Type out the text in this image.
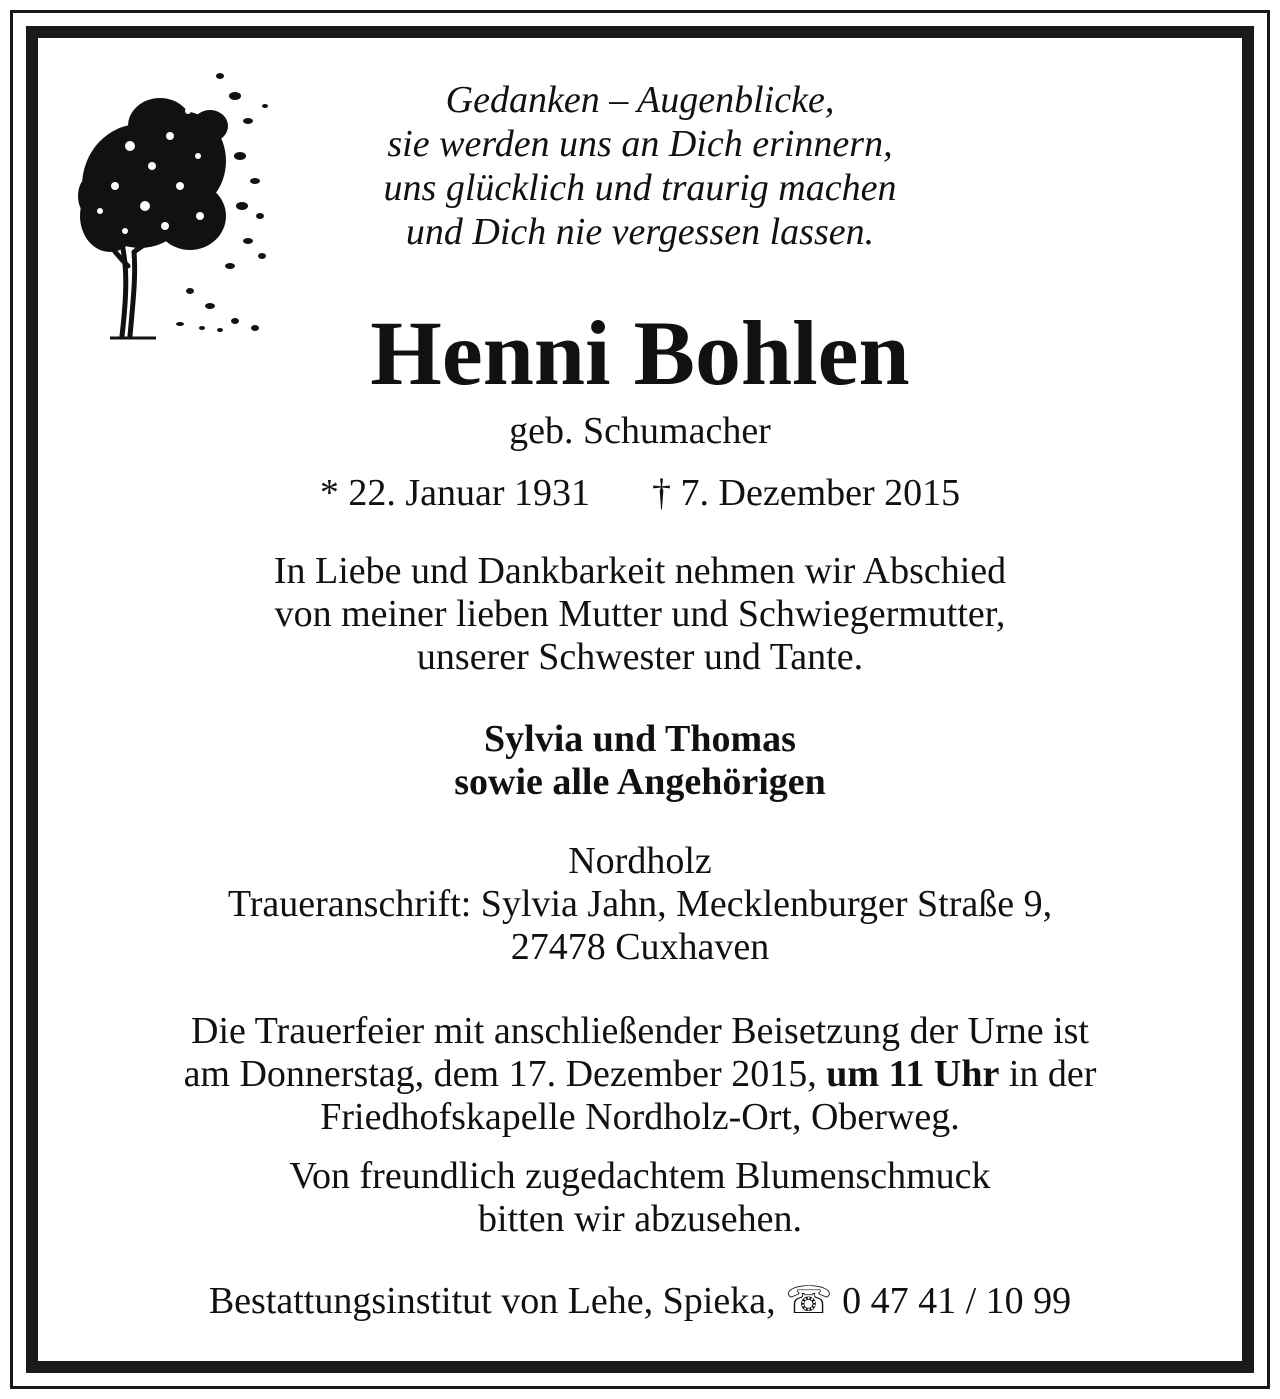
Gedanken – Augenblicke,
sie werden uns an Dich erinnern,
uns glücklich und traurig machen
und Dich nie vergessen lassen.
Henni Bohlen
geb. Schumacher
* 22. Januar 1931 † 7. Dezember 2015
In Liebe und Dankbarkeit nehmen wir Abschied
von meiner lieben Mutter und Schwiegermutter,
unserer Schwester und Tante.
Sylvia und Thomas
sowie alle Angehörigen
Nordholz
Traueranschrift: Sylvia Jahn, Mecklenburger Straße 9,
27478 Cuxhaven
Die Trauerfeier mit anschließender Beisetzung der Urne ist
am Donnerstag, dem 17. Dezember 2015, um 11 Uhr in der
Friedhofskapelle Nordholz-Ort, Oberweg.
Von freundlich zugedachtem Blumenschmuck
bitten wir abzusehen.
Bestattungsinstitut von Lehe, Spieka, ☏ 0 47 41 / 10 99
